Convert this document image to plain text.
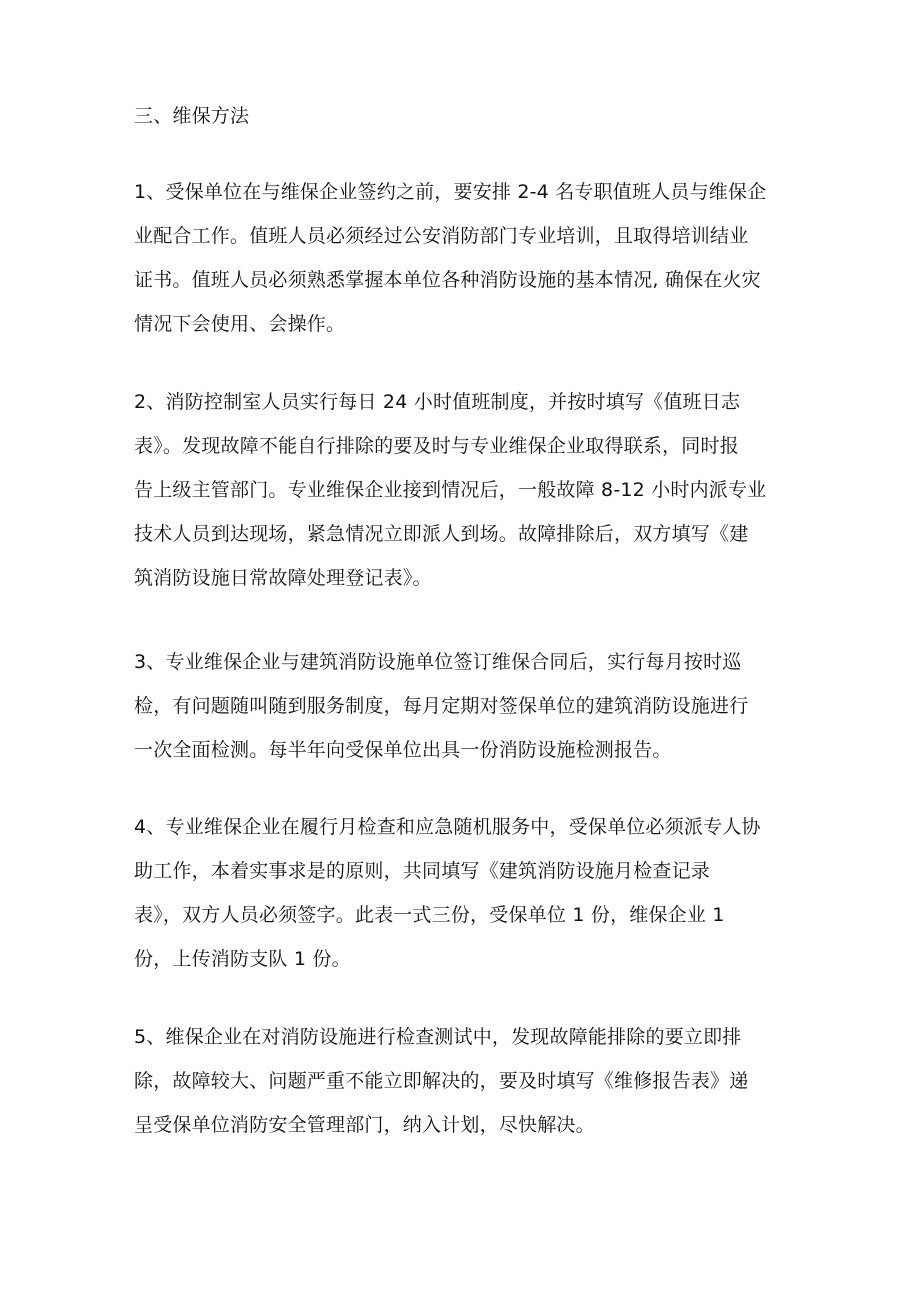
三、维保方法
1、受保单位在与维保企业签约之前，要安排 2-4 名专职值班人员与维保企
业配合工作。值班人员必须经过公安消防部门专业培训，且取得培训结业
证书。值班人员必须熟悉掌握本单位各种消防设施的基本情况, 确保在火灾
情况下会使用、会操作。
2、消防控制室人员实行每日 24 小时值班制度，并按时填写《值班日志
表》。发现故障不能自行排除的要及时与专业维保企业取得联系，同时报
告上级主管部门。专业维保企业接到情况后，一般故障 8-12 小时内派专业
技术人员到达现场，紧急情况立即派人到场。故障排除后，双方填写《建
筑消防设施日常故障处理登记表》。
3、专业维保企业与建筑消防设施单位签订维保合同后，实行每月按时巡
检，有问题随叫随到服务制度，每月定期对签保单位的建筑消防设施进行
一次全面检测。每半年向受保单位出具一份消防设施检测报告。
4、专业维保企业在履行月检查和应急随机服务中，受保单位必须派专人协
助工作，本着实事求是的原则，共同填写《建筑消防设施月检查记录
表》，双方人员必须签字。此表一式三份，受保单位 1 份，维保企业 1
份，上传消防支队 1 份。
5、维保企业在对消防设施进行检查测试中，发现故障能排除的要立即排
除，故障较大、问题严重不能立即解决的，要及时填写《维修报告表》递
呈受保单位消防安全管理部门，纳入计划，尽快解决。
